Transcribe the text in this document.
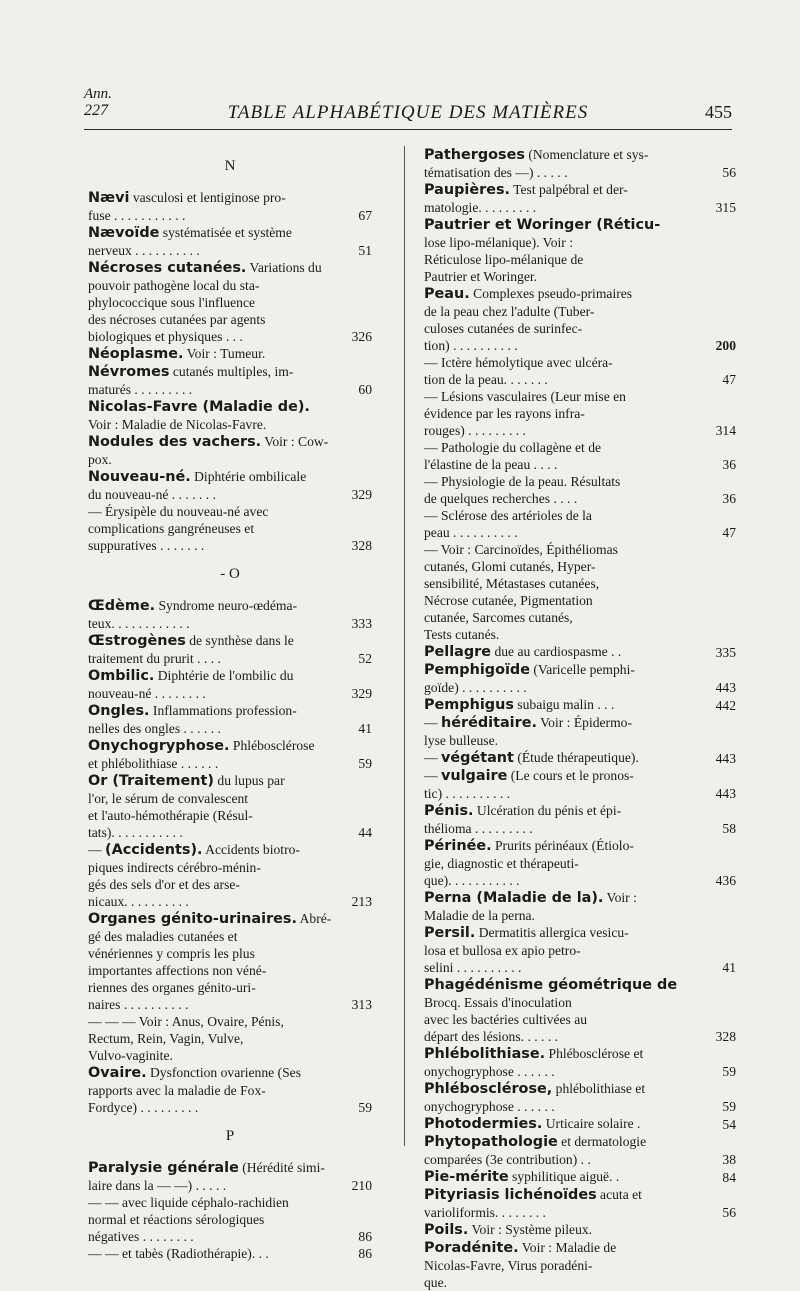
Ann.
227	TABLE ALPHABÉTIQUE DES MATIÈRES	455
N
Nævi vasculosi et lentiginose pro-
fuse . . . . . . . . . . .	67
Nævoïde systématisée et système
nerveux . . . . . . . . . .	51
Nécroses cutanées. Variations du
pouvoir pathogène local du sta-
phylococcique sous l'influence
des nécroses cutanées par agents
biologiques et physiques . . .	326
Néoplasme. Voir : Tumeur.
Névromes cutanés multiples, im-
maturés . . . . . . . . .	60
Nicolas-Favre (Maladie de).
Voir : Maladie de Nicolas-Favre.
Nodules des vachers. Voir : Cow-
pox.
Nouveau-né. Diphtérie ombilicale
du nouveau-né . . . . . . .	329
— Érysipèle du nouveau-né avec
complications gangréneuses et
suppuratives . . . . . . .	328
- O
Œdème. Syndrome neuro-œdéma-
teux. . . . . . . . . . . .	333
Œstrogènes de synthèse dans le
traitement du prurit . . . .	52
Ombilic. Diphtérie de l'ombilic du
nouveau-né . . . . . . . .	329
Ongles. Inflammations profession-
nelles des ongles . . . . . .	41
Onychogryphose. Phlébosclérose
et phlébolithiase . . . . . .	59
Or (Traitement) du lupus par
l'or, le sérum de convalescent
et l'auto-hémothérapie (Résul-
tats). . . . . . . . . . .	44
— (Accidents). Accidents biotro-
piques indirects cérébro-ménin-
gés des sels d'or et des arse-
nicaux. . . . . . . . . .	213
Organes génito-urinaires. Abré-
gé des maladies cutanées et
vénériennes y compris les plus
importantes affections non véné-
riennes des organes génito-uri-
naires . . . . . . . . . .	313
— — — Voir : Anus, Ovaire, Pénis,
Rectum, Rein, Vagin, Vulve,
Vulvo-vaginite.
Ovaire. Dysfonction ovarienne (Ses
rapports avec la maladie de Fox-
Fordyce) . . . . . . . . .	59
P
Paralysie générale (Hérédité simi-
laire dans la — —) . . . . .	210
— — avec liquide céphalo-rachidien
normal et réactions sérologiques
négatives . . . . . . . .	86
— — et tabès (Radiothérapie). . .	86
Pathergoses (Nomenclature et sys-
tématisation des —) . . . . .	56
Paupières. Test palpébral et der-
matologie. . . . . . . . .	315
Pautrier et Woringer (Réticu-
lose lipo-mélanique). Voir :
Réticulose lipo-mélanique de
Pautrier et Woringer.
Peau. Complexes pseudo-primaires
de la peau chez l'adulte (Tuber-
culoses cutanées de surinfec-
tion) . . . . . . . . . .	200
— Ictère hémolytique avec ulcéra-
tion de la peau. . . . . . .	47
— Lésions vasculaires (Leur mise en
évidence par les rayons infra-
rouges) . . . . . . . . .	314
— Pathologie du collagène et de
l'élastine de la peau . . . .	36
— Physiologie de la peau. Résultats
de quelques recherches . . . .	36
— Sclérose des artérioles de la
peau . . . . . . . . . .	47
— Voir : Carcinoïdes, Épithéliomas
cutanés, Glomi cutanés, Hyper-
sensibilité, Métastases cutanées,
Nécrose cutanée, Pigmentation
cutanée, Sarcomes cutanés,
Tests cutanés.
Pellagre due au cardiospasme . .	335
Pemphigoïde (Varicelle pemphi-
goïde) . . . . . . . . . .	443
Pemphigus subaigu malin . . .	442
— héréditaire. Voir : Épidermo-
lyse bulleuse.
— végétant (Étude thérapeutique).	443
— vulgaire (Le cours et le pronos-
tic) . . . . . . . . . .	443
Pénis. Ulcération du pénis et épi-
thélioma . . . . . . . . .	58
Périnée. Prurits périnéaux (Étiolo-
gie, diagnostic et thérapeuti-
que). . . . . . . . . . .	436
Perna (Maladie de la). Voir :
Maladie de la perna.
Persil. Dermatitis allergica vesicu-
losa et bullosa ex apio petro-
selini . . . . . . . . . .	41
Phagédénisme géométrique de
Brocq. Essais d'inoculation
avec les bactéries cultivées au
départ des lésions. . . . . .	328
Phlébolithiase. Phlébosclérose et
onychogryphose . . . . . .	59
Phlébosclérose, phlébolithiase et
onychogryphose . . . . . .	59
Photodermies. Urticaire solaire .	54
Phytopathologie et dermatologie
comparées (3e contribution) . .	38
Pie-mérite syphilitique aiguë. .	84
Pityriasis lichénoïdes acuta et
varioliformis. . . . . . . .	56
Poils. Voir : Système pileux.
Poradénite. Voir : Maladie de
Nicolas-Favre, Virus poradéni-
que.
